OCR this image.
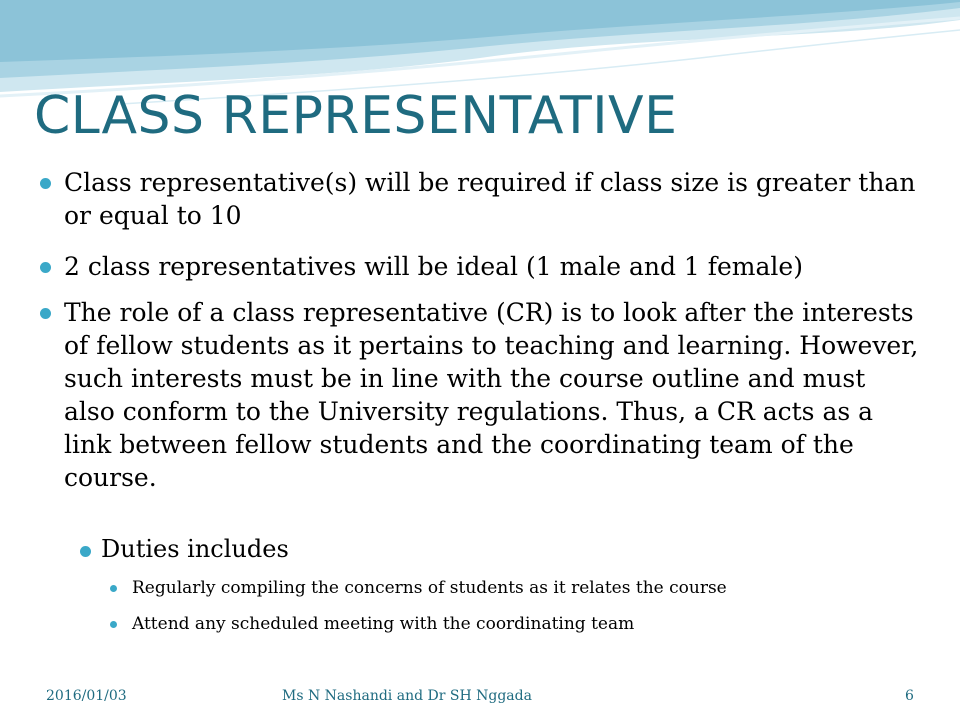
CLASS REPRESENTATIVE

Class representative(s) will be required if class size is greater than or equal to 10

2 class representatives will be ideal (1 male and 1 female)

The role of a class representative (CR) is to look after the interests of fellow students as it pertains to teaching and learning. However, such interests must be in line with the course outline and must also conform to the University regulations. Thus, a CR acts as a link between fellow students and the coordinating team of the course.

Duties includes

Regularly compiling the concerns of students as it relates the course

Attend any scheduled meeting with the coordinating team

2016/01/03	Ms N Nashandi and Dr SH Nggada	6
